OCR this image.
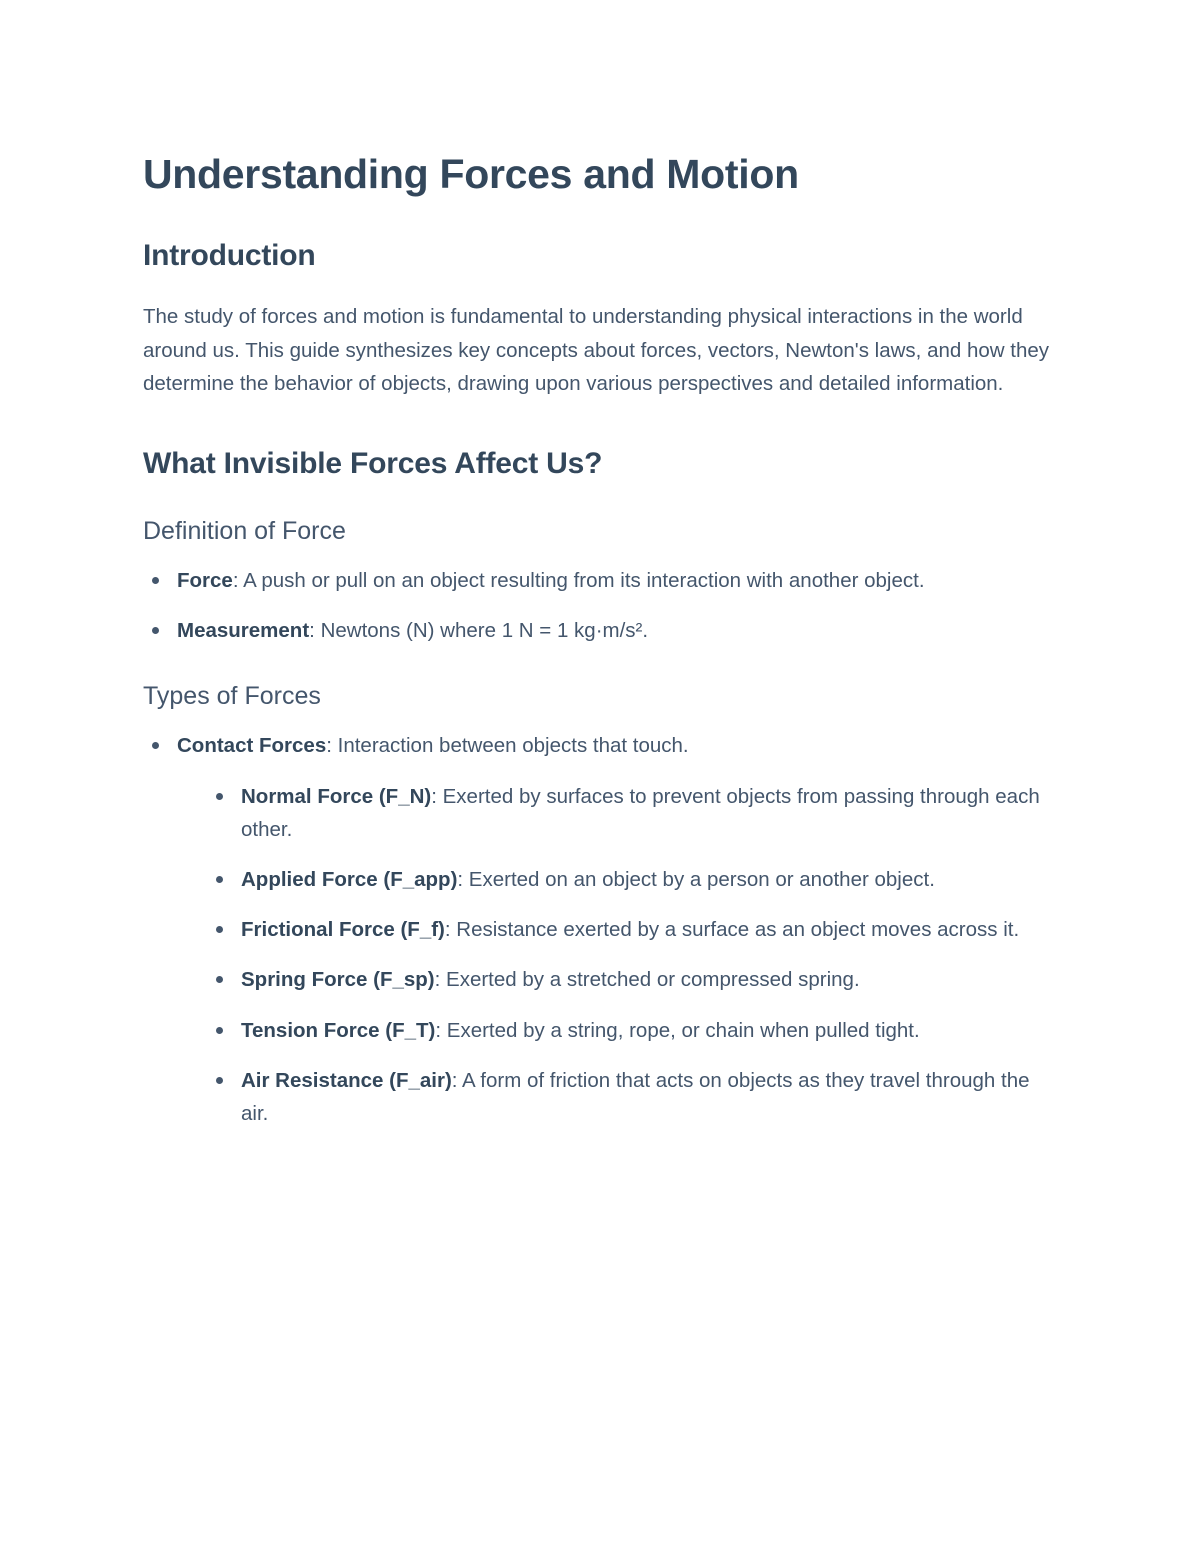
Understanding Forces and Motion
Introduction

The study of forces and motion is fundamental to understanding physical interactions in the world around us. This guide synthesizes key concepts about forces, vectors, Newton's laws, and how they determine the behavior of objects, drawing upon various perspectives and detailed information.

What Invisible Forces Affect Us?
Definition of Force
Force: A push or pull on an object resulting from its interaction with another object.
Measurement: Newtons (N) where 1 N = 1 kg·m/s².
Types of Forces
Contact Forces: Interaction between objects that touch.
Normal Force (F_N): Exerted by surfaces to prevent objects from passing through each other.
Applied Force (F_app): Exerted on an object by a person or another object.
Frictional Force (F_f): Resistance exerted by a surface as an object moves across it.
Spring Force (F_sp): Exerted by a stretched or compressed spring.
Tension Force (F_T): Exerted by a string, rope, or chain when pulled tight.
Air Resistance (F_air): A form of friction that acts on objects as they travel through the air.
